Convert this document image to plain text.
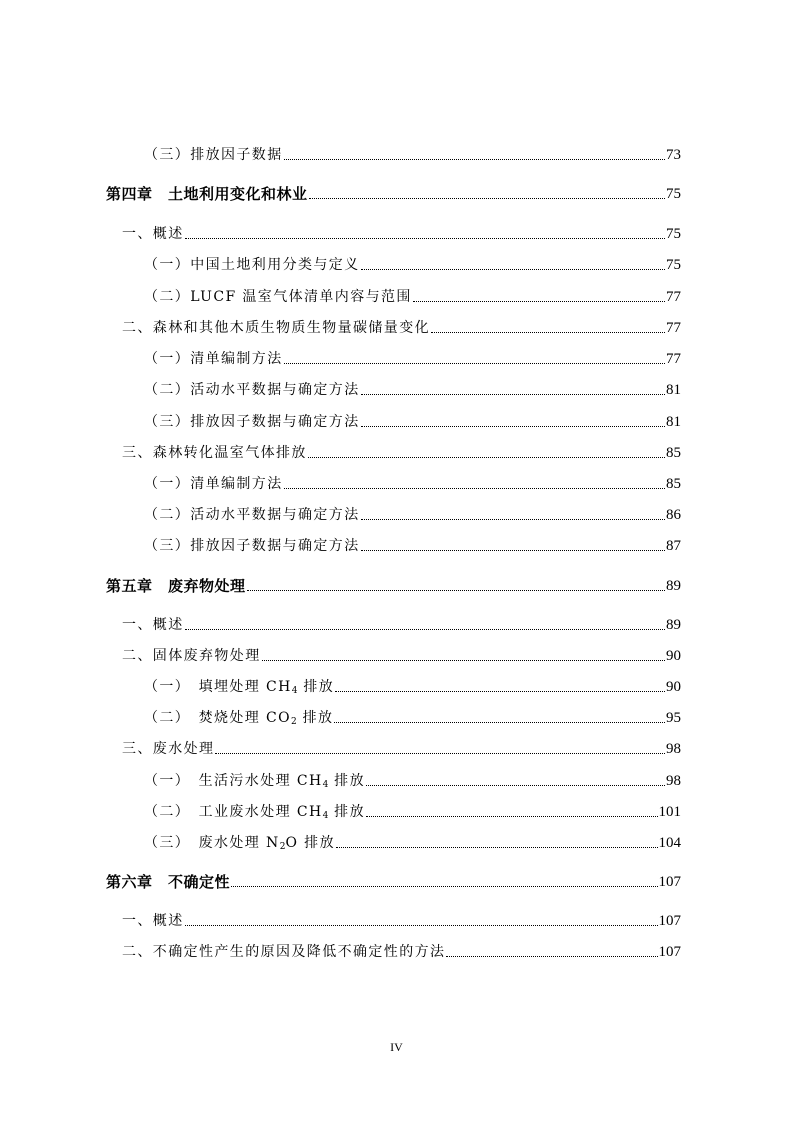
（三）排放因子数据	73
第四章　土地利用变化和林业	75
一、概述	75
（一）中国土地利用分类与定义	75
（二）LUCF 温室气体清单内容与范围	77
二、森林和其他木质生物质生物量碳储量变化	77
（一）清单编制方法	77
（二）活动水平数据与确定方法	81
（三）排放因子数据与确定方法	81
三、森林转化温室气体排放	85
（一）清单编制方法	85
（二）活动水平数据与确定方法	86
（三）排放因子数据与确定方法	87
第五章　废弃物处理	89
一、概述	89
二、固体废弃物处理	90
（一）　填埋处理 $CH_4$ 排放	90
（二）　焚烧处理 $CO_2$ 排放	95
三、废水处理	98
（一）　生活污水处理 $CH_4$ 排放	98
（二）　工业废水处理 $CH_4$ 排放	101
（三）　废水处理 $N_2O$ 排放	104
第六章　不确定性	107
一、概述	107
二、不确定性产生的原因及降低不确定性的方法	107
IV
